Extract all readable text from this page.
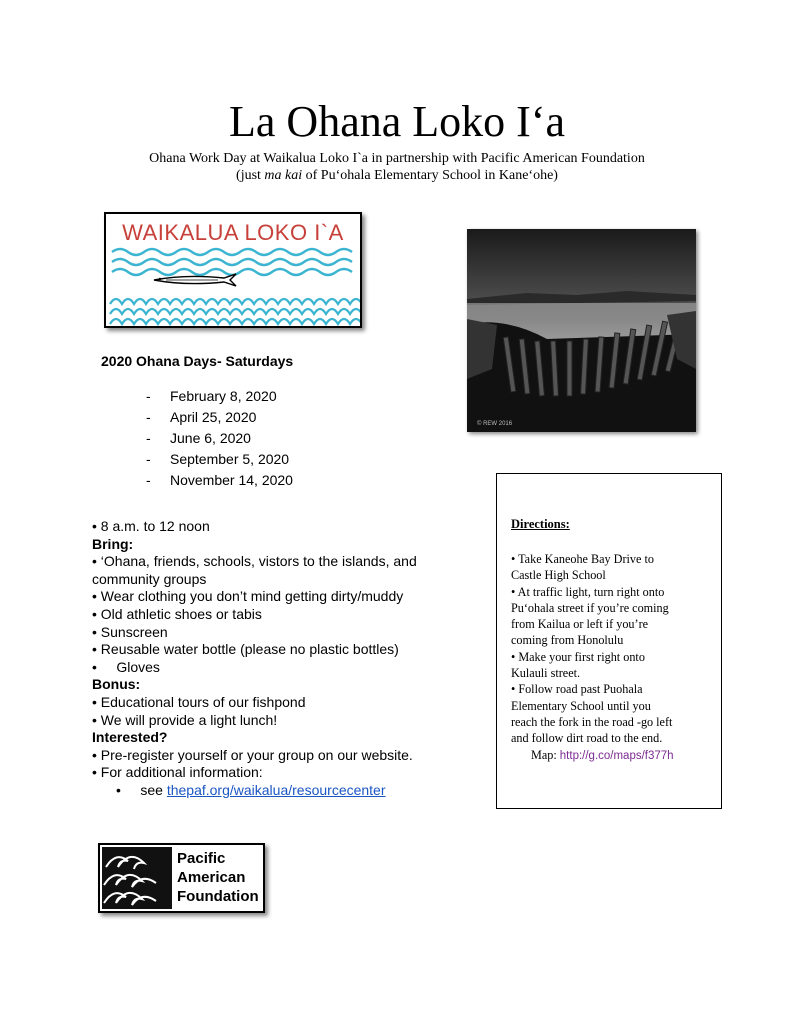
La Ohana Loko I‘a
Ohana Work Day at Waikalua Loko I`a in partnership with Pacific American Foundation
(just ma kai of Pu‘ohala Elementary School in Kane‘ohe)
WAIKALUA LOKO I`A
© REW 2016
2020 Ohana Days- Saturdays
- February 8, 2020
- April 25, 2020
- June 6, 2020
- September 5, 2020
- November 14, 2020
• 8 a.m. to 12 noon
Bring:
• ‘Ohana, friends, schools, vistors to the islands, and
community groups
• Wear clothing you don’t mind getting dirty/muddy
• Old athletic shoes or tabis
• Sunscreen
• Reusable water bottle (please no plastic bottles)
•     Gloves
Bonus:
• Educational tours of our fishpond
• We will provide a light lunch!
Interested?
• Pre-register yourself or your group on our website.
• For additional information:
• see thepaf.org/waikalua/resourcecenter
Directions:
• Take Kaneohe Bay Drive to
Castle High School
• At traffic light, turn right onto
Pu‘ohala street if you’re coming
from Kailua or left if you’re
coming from Honolulu
• Make your first right onto
Kulauli street.
• Follow road past Puohala
Elementary School until you
reach the fork in the road -go left
and follow dirt road to the end.
Map: http://g.co/maps/f377h
Pacific
American
Foundation
